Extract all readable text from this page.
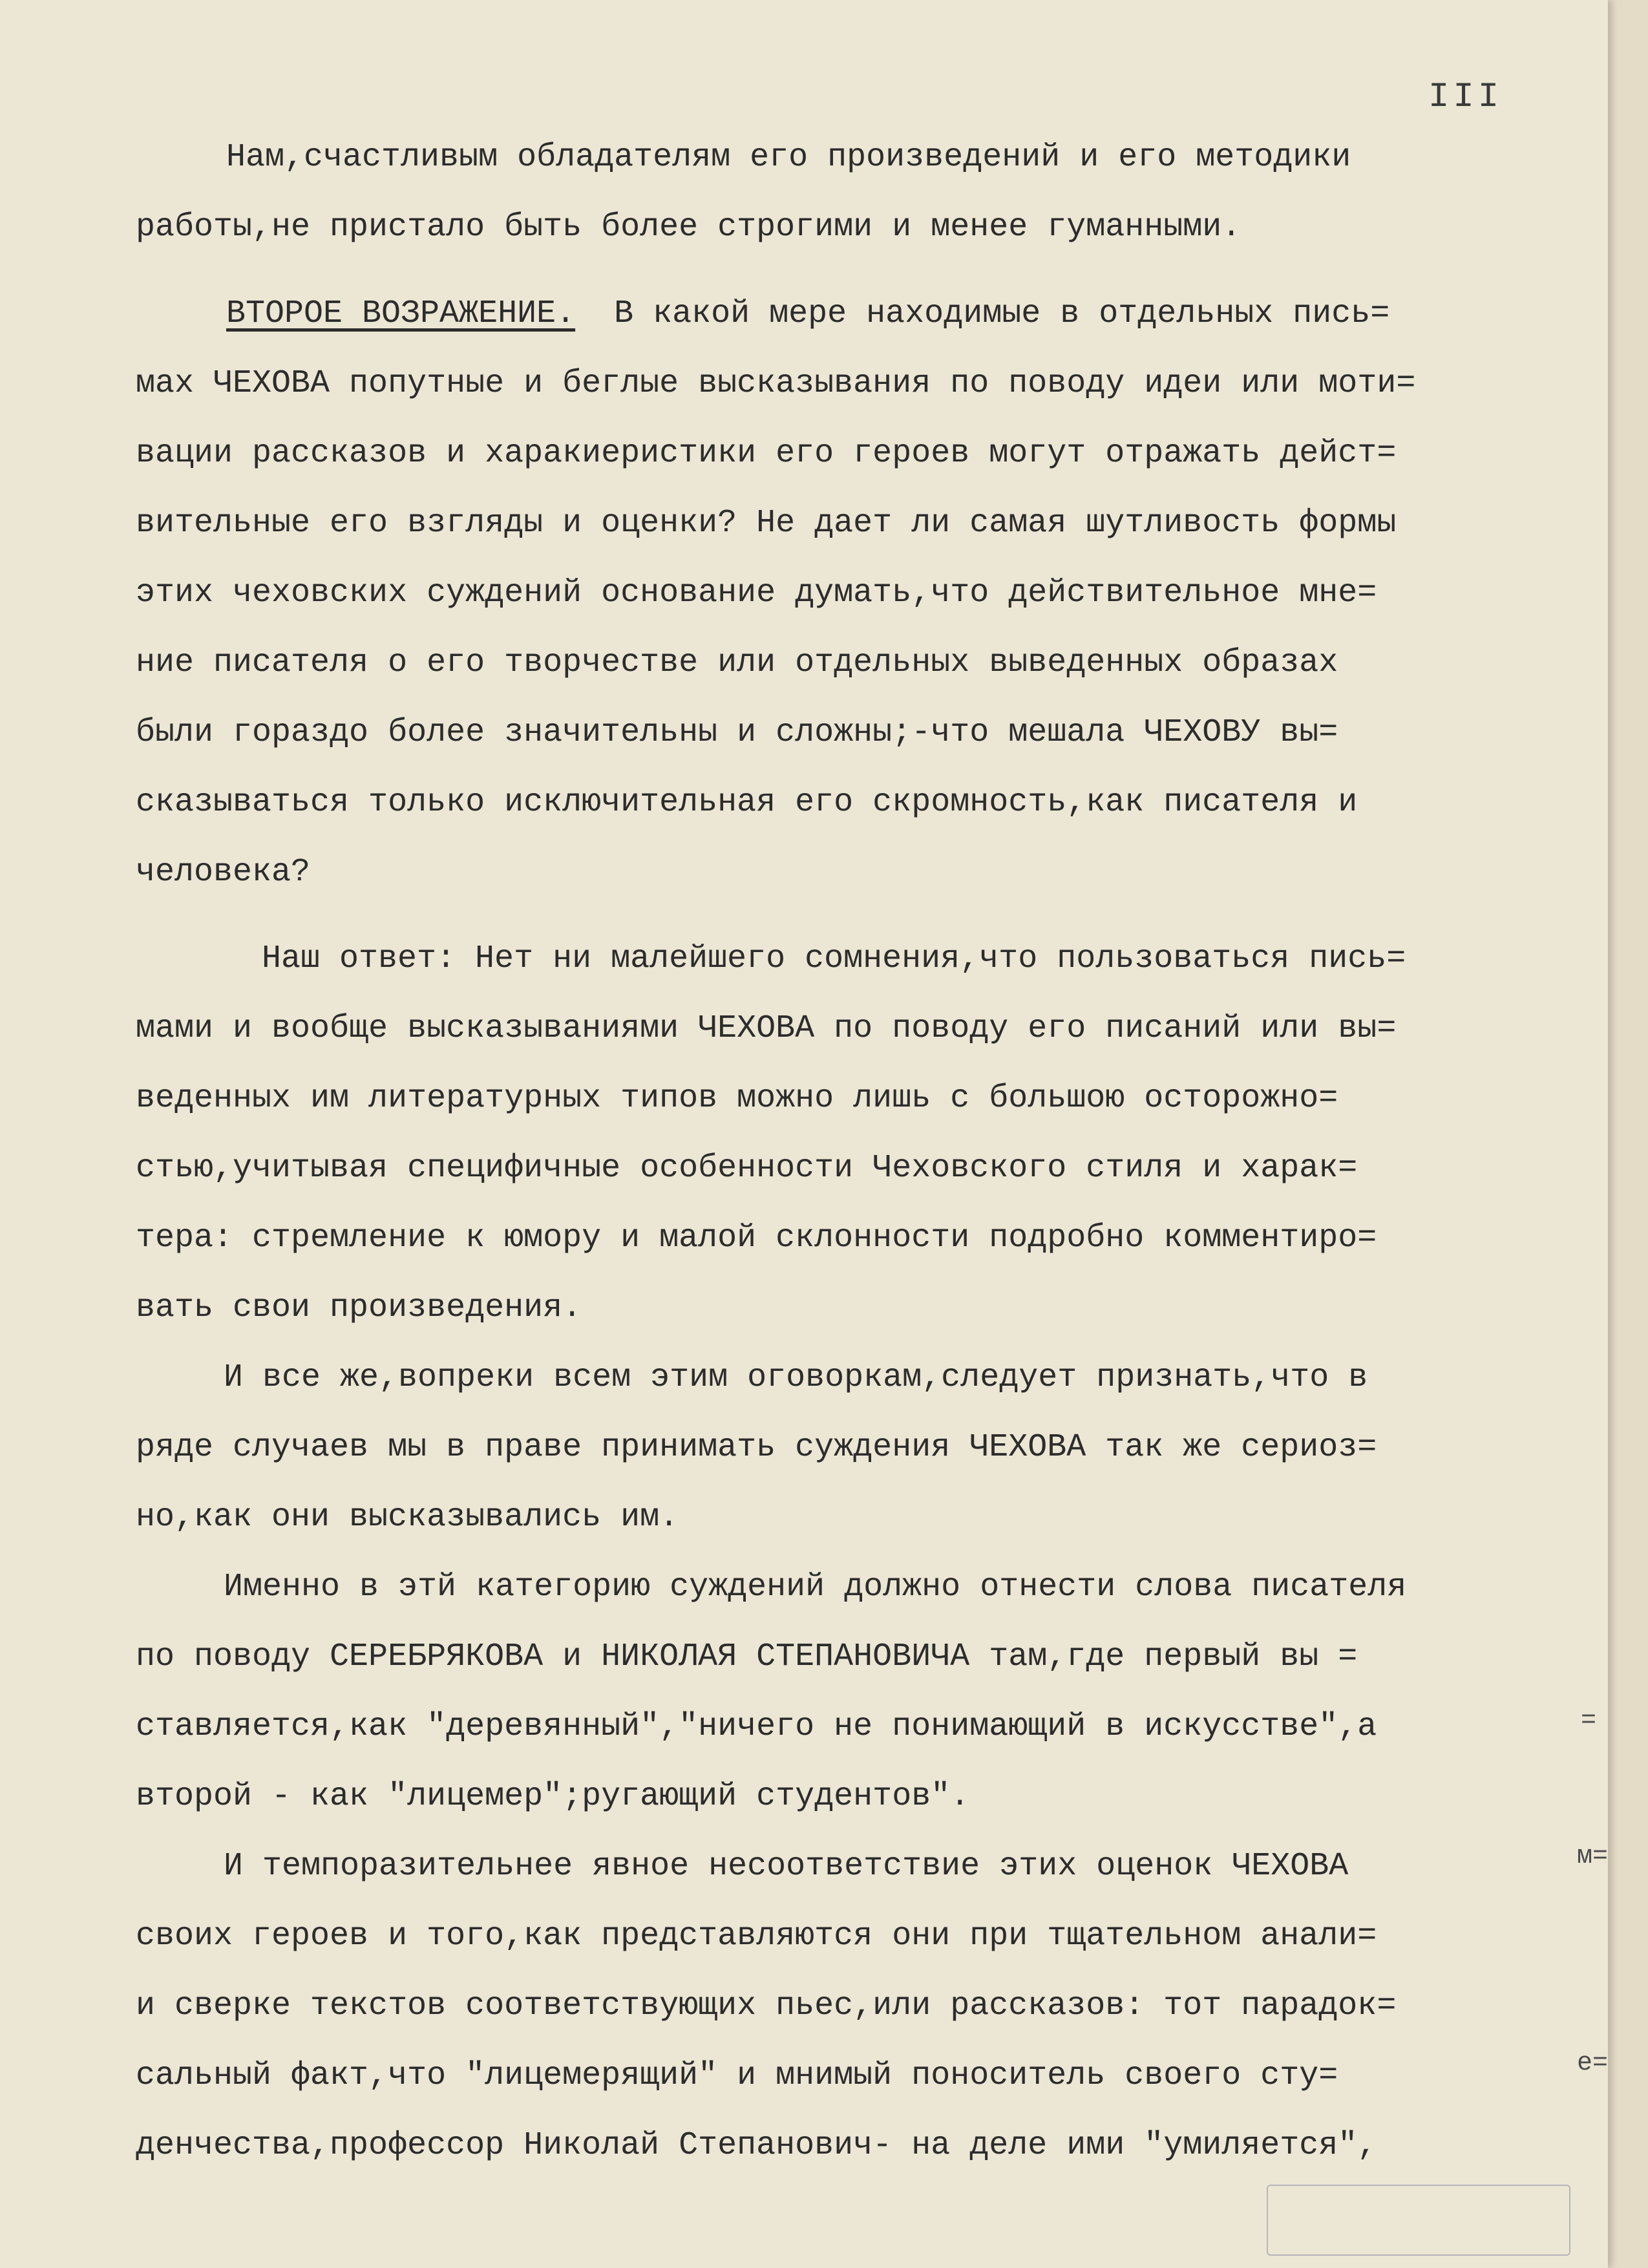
III
Нам,счастливым обладателям его произведений и его методики
работы,не пристало быть более строгими и менее гуманными.
ВТОРОЕ ВОЗРАЖЕНИЕ.  В какой мере находимые в отдельных пись=
мах ЧЕХОВА попутные и беглые высказывания по поводу идеи или моти=
вации рассказов и харакиеристики его героев могут отражать дейст=
вительные его взгляды и оценки? Не дает ли самая шутливость формы
этих чеховских суждений основание думать,что действительное мне=
ние писателя о его творчестве или отдельных выведенных образах
были гораздо более значительны и сложны;-что мешала ЧЕХОВУ вы=
сказываться только исключительная его скромность,как писателя и
человека?
Наш ответ: Нет ни малейшего сомнения,что пользоваться пись=
мами и вообще высказываниями ЧЕХОВА по поводу его писаний или вы=
веденных им литературных типов можно лишь с большою осторожно=
стью,учитывая специфичные особенности Чеховского стиля и харак=
тера: стремление к юмору и малой склонности подробно комментиро=
вать свои произведения.
И все же,вопреки всем этим оговоркам,следует признать,что в
ряде случаев мы в праве принимать суждения ЧЕХОВА так же сериоз=
но,как они высказывались им.
Именно в этй категорию суждений должно отнести слова писателя
по поводу СЕРЕБРЯКОВА и НИКОЛАЯ СТЕПАНОВИЧА там,где первый вы =
ставляется,как "деревянный","ничего не понимающий в искусстве",а
второй - как "лицемер";ругающий студентов".
И темпоразительнее явное несоответствие этих оценок ЧЕХОВА
своих героев и того,как представляются они при тщательном анали=
и сверке текстов соответствующих пьес,или рассказов: тот парадок=
сальный факт,что "лицемерящий" и мнимый поноситель своего сту=
денчества,профессор Николай Степанович- на деле ими "умиляется",
=
м=
е=
